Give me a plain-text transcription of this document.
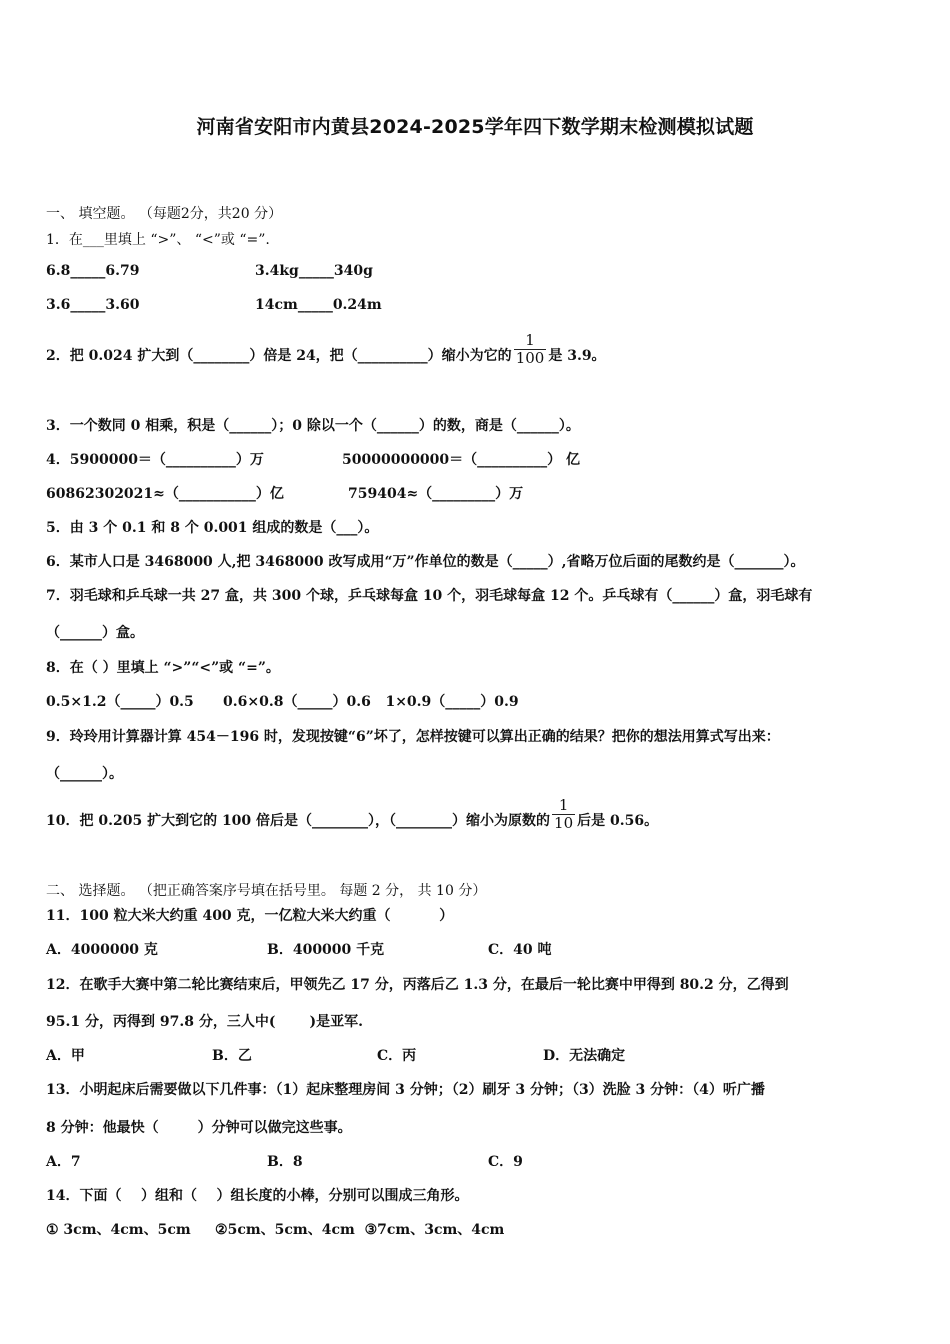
河南省安阳市内黄县2024-2025学年四下数学期末检测模拟试题
一、 填空题。 （每题2分，共20 分）
1．在___里填上 “>”、 “<”或 “=”.
6.8_____6.79	3.4kg_____340g
3.6_____3.60	14cm_____0.24m
2．把 0.024 扩大到（________）倍是 24，把（__________）缩小为它的 $\frac{1}{100}$ 是 3.9。
3．一个数同 0 相乘，积是（______）；0 除以一个（______）的数，商是（______）。
4．5900000＝（__________）万	50000000000＝（__________） 亿
60862302021≈（___________）亿	759404≈（_________）万
5．由 3 个 0.1 和 8 个 0.001 组成的数是（___）。
6．某市人口是 3468000 人,把 3468000 改写成用“万”作单位的数是（_____）,省略万位后面的尾数约是（_______）。
7．羽毛球和乒乓球一共 27 盒，共 300 个球，乒乓球每盒 10 个，羽毛球每盒 12 个。乒乓球有（______）盒，羽毛球有
（______）盒。
8．在（ ）里填上 “>”“<”或 “=”。
0.5×1.2（_____）0.5      0.6×0.8（_____）0.6   1×0.9（_____）0.9
9．玲玲用计算器计算 454－196 时，发现按键“6”坏了，怎样按键可以算出正确的结果？把你的想法用算式写出来：
（______）。
10．把 0.205 扩大到它的 100 倍后是（________），（________）缩小为原数的 $\frac{1}{10}$ 后是 0.56。
二、 选择题。 （把正确答案序号填在括号里。 每题 2 分， 共 10 分）
11．100 粒大米大约重 400 克，一亿粒大米大约重（          ）
A．4000000 克	B．400000 千克	C．40 吨
12．在歌手大赛中第二轮比赛结束后，甲领先乙 17 分，丙落后乙 1.3 分，在最后一轮比赛中甲得到 80.2 分，乙得到
95.1 分，丙得到 97.8 分，三人中(       )是亚军.
A．甲	B．乙	C．丙	D．无法确定
13．小明起床后需要做以下几件事：（1）起床整理房间 3 分钟；（2）刷牙 3 分钟；（3）洗脸 3 分钟：（4）听广播
8 分钟：他最快（        ）分钟可以做完这些事。
A．7	B．8	C．9
14．下面（    ）组和（    ）组长度的小棒，分别可以围成三角形。
① 3cm、4cm、5cm     ②5cm、5cm、4cm  ③7cm、3cm、4cm
